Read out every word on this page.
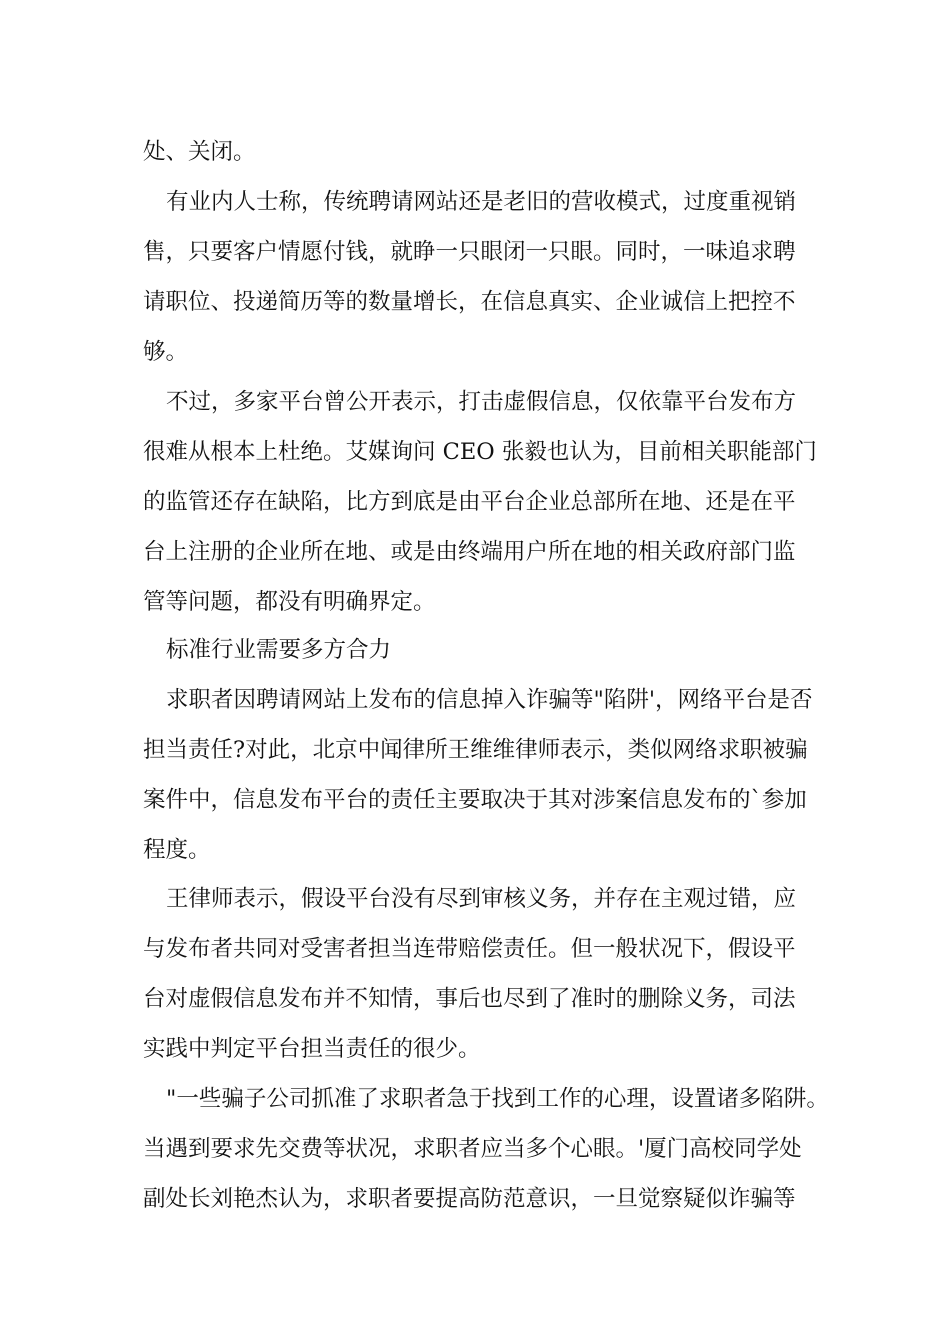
处、关闭。
有业内人士称，传统聘请网站还是老旧的营收模式，过度重视销
售，只要客户情愿付钱，就睁一只眼闭一只眼。同时，一味追求聘
请职位、投递简历等的数量增长，在信息真实、企业诚信上把控不
够。
不过，多家平台曾公开表示，打击虚假信息，仅依靠平台发布方
很难从根本上杜绝。艾媒询问 CEO 张毅也认为，目前相关职能部门
的监管还存在缺陷，比方到底是由平台企业总部所在地、还是在平
台上注册的企业所在地、或是由终端用户所在地的相关政府部门监
管等问题，都没有明确界定。
标准行业需要多方合力
求职者因聘请网站上发布的信息掉入诈骗等"陷阱'，网络平台是否
担当责任?对此，北京中闻律所王维维律师表示，类似网络求职被骗
案件中，信息发布平台的责任主要取决于其对涉案信息发布的`参加
程度。
王律师表示，假设平台没有尽到审核义务，并存在主观过错，应
与发布者共同对受害者担当连带赔偿责任。但一般状况下，假设平
台对虚假信息发布并不知情，事后也尽到了准时的删除义务，司法
实践中判定平台担当责任的很少。
"一些骗子公司抓准了求职者急于找到工作的心理，设置诸多陷阱。
当遇到要求先交费等状况，求职者应当多个心眼。'厦门高校同学处
副处长刘艳杰认为，求职者要提高防范意识，一旦觉察疑似诈骗等
